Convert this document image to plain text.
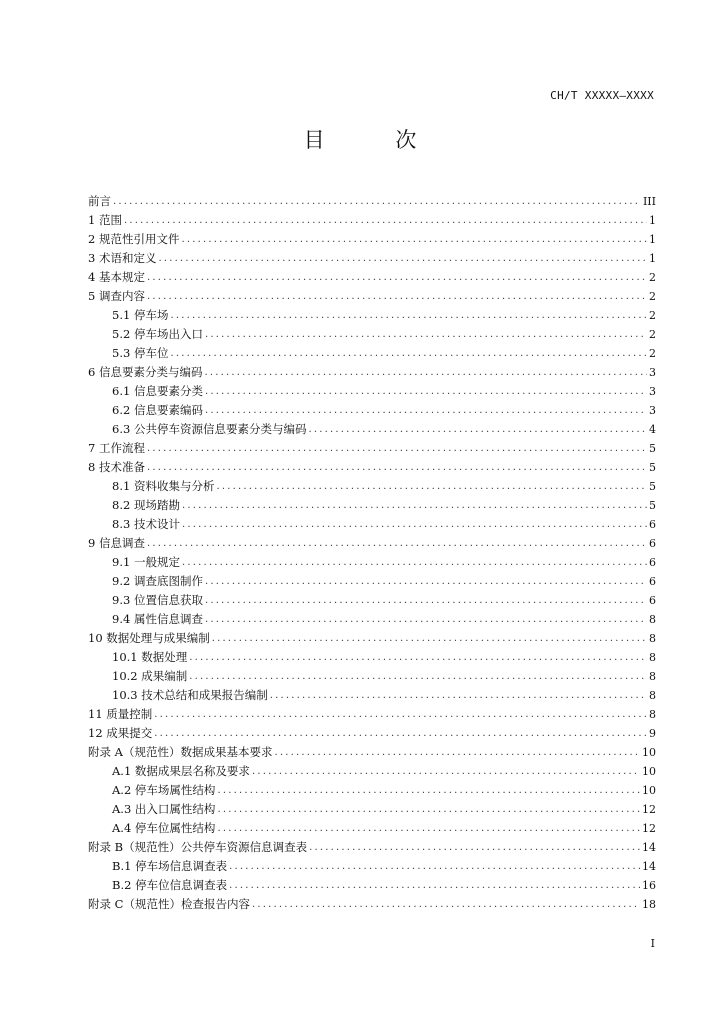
CH/T XXXXX—XXXX
目 次
前言 .....	III
1 范围 .....	1
2 规范性引用文件 .....	1
3 术语和定义 .....	1
4 基本规定 .....	2
5 调查内容 .....	2
5.1 停车场 .....	2
5.2 停车场出入口 .....	2
5.3 停车位 .....	2
6 信息要素分类与编码 .....	3
6.1 信息要素分类 .....	3
6.2 信息要素编码 .....	3
6.3 公共停车资源信息要素分类与编码 .....	4
7 工作流程 .....	5
8 技术准备 .....	5
8.1 资料收集与分析 .....	5
8.2 现场踏勘 .....	5
8.3 技术设计 .....	6
9 信息调查 .....	6
9.1 一般规定 .....	6
9.2 调查底图制作 .....	6
9.3 位置信息获取 .....	6
9.4 属性信息调查 .....	8
10 数据处理与成果编制 .....	8
10.1 数据处理 .....	8
10.2 成果编制 .....	8
10.3 技术总结和成果报告编制 .....	8
11 质量控制 .....	8
12 成果提交 .....	9
附录 A（规范性）数据成果基本要求 .....	10
A.1 数据成果层名称及要求 .....	10
A.2 停车场属性结构 .....	10
A.3 出入口属性结构 .....	12
A.4 停车位属性结构 .....	12
附录 B（规范性）公共停车资源信息调查表 .....	14
B.1 停车场信息调查表 .....	14
B.2 停车位信息调查表 .....	16
附录 C（规范性）检查报告内容 .....	18
I
